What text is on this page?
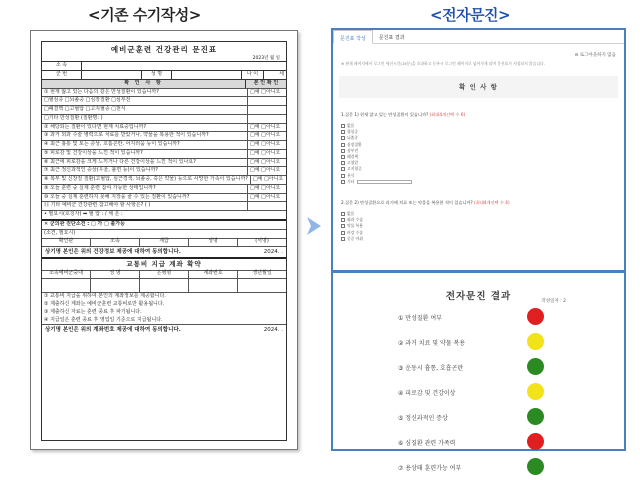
<기존 수기작성>	<전자문진>
예비군훈련 건강관리 문진표
2023년 월 일
소 속
군 번	성 명	나 이	세
확 인 사 항	본 인 확 인
① 현재 앓고 있는 다음의 같은 만성질환이 있습니까?	□예 □아니오
□혈심증 □뇌졸중 □심장질환 □심부전
□폐결핵 □고혈압 □고지혈증 □천식
□기타 만성질환 (질환명: )
② 해당되는 질환이 있다면 현재 치료중입니까?	□예 □아니오
③ 과거 외과 수술 병력으로 치료를 받았거나, 약물을 복용한 적이 있습니까?	□예 □아니오
④ 최근 흉통 및 토는 증상, 호흡곤란, 어지러움 등이 있습니까?	□예 □아니오
⑤ 피로감 및 건강이상을 느낀 적이 있습니까?	□예 □아니오
⑥ 최근에 피로감을 크게 느끼거나 다른 건강이상을 느낀 적이 있나요?	□예 □아니오
⑦ 최근 정신과적인 증상(우울, 불면 등)이 있습니까?	□예 □아니오
⑧ 복부 및 신장질 질환(고혈압, 심근경색, 뇌졸중, 혹은 약물) 등으로 사망한 가족이 있습니까?	□예 □아니오
⑨ 오늘 훈련 중 실제 훈련 참여 가능한 상태입니까?	□예 □아니오
⑩ 오늘 중 실제 훈련하지 못해 지장을 줄 수 있는 질환이 있습니까?	□예 □아니오
⑪ 기타 예비군 건강관련 참고해야 할 사항은? ( )
• 필요시(호칭자) ➡ 혈 압 : / 체 온 :
✕ 군의관 진단소견 : □ 가 □ 불가능
(소견, 필요시)
확인관	소속	계급	성명	(서명)
상기명 본인은 위의 건강정보 제공에 대하여 동의합니다.	2024. .
교통비 지급 계좌 확약
소속예비군중대	성 명	은행명	계좌번호	생년월일
① 교통비 지급을 위하여 본인의 계좌정보를 제공합니다.
② 제출하신 계좌는 예비군훈련 교통비로만 활용됩니다.
③ 제출하신 자료는 훈련 종료 후 파기됩니다.
④ 지급일은 훈련 종료 후 영업일 기준으로 지급됩니다.
상기명 본인은 위의 계좌번호 제공에 대하여 동의합니다.	2024. .
문진표 작성	문진표 결과
⊖ 로그아웃하지 않음
※ 현재 페이지에서 로그인 세션시간(15분)을 초과하고 등록시 로그인 페이지로 넘어가게 되며 문진표가 저장되지 않습니다.
확 인 사 항
1.질문 1) 현재 앓고 있는 만성질환이 있습니까? (최대4개선택 수 6)
없음
혈심증
뇌졸중
심장질환
심부전
폐결핵
고혈압
고지혈증
천식
기타
2.질문 2) 만성질환으로 과거에 치료 또는 약물을 복용한 적이 있습니까? (최대4개선택 수 4)
없음
외과 수술
약물 복용
비강 수술
중증 마취
전자문진 결과	작성일자 : 2
① 만성질환 여부
② 과거 치료 및 약물 복용
③ 운동시 흉통, 호흡곤란
④ 피로감 및 건강이상
⑤ 정신과적인 증상
⑥ 심질환 관련 가족력
⑦ 용상태 훈련가능 여부
